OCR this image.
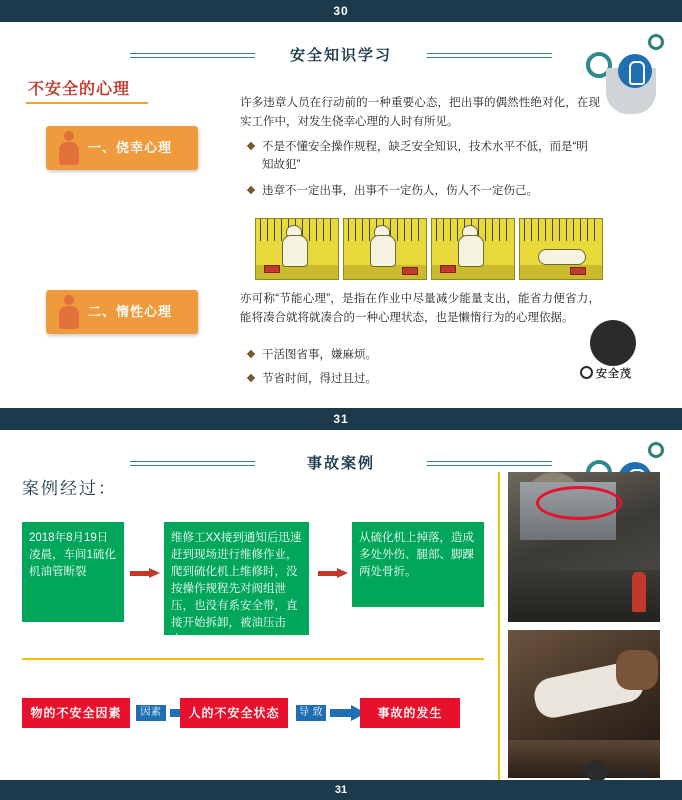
30
安全知识学习
不安全的心理
一、侥幸心理
二、惰性心理
许多违章人员在行动前的一种重要心态，把出事的偶然性绝对化，在现实工作中，对发生侥幸心理的人时有所见。
不是不懂安全操作规程，缺乏安全知识，技术水平不低，而是“明知故犯”
违章不一定出事，出事不一定伤人，伤人不一定伤己。
亦可称“节能心理”，是指在作业中尽量减少能量支出，能省力便省力，能将凑合就将就凑合的一种心理状态，也是懒惰行为的心理依据。
干活图省事，嫌麻烦。
节省时间，得过且过。	安全茂
31
事故案例
案例经过：
2018年8月19日凌晨，车间1硫化机油管断裂
维修工XX接到通知后迅速赶到现场进行维修作业，爬到硫化机上维修时，没按操作规程先对阀组泄压，也没有系安全带，直接开始拆卸，被油压击中。
从硫化机上掉落，造成多处外伤、腿部、脚踝两处骨折。
物的不安全因素	因素	人的不安全状态	导 致	事故的发生
安全茂
31
